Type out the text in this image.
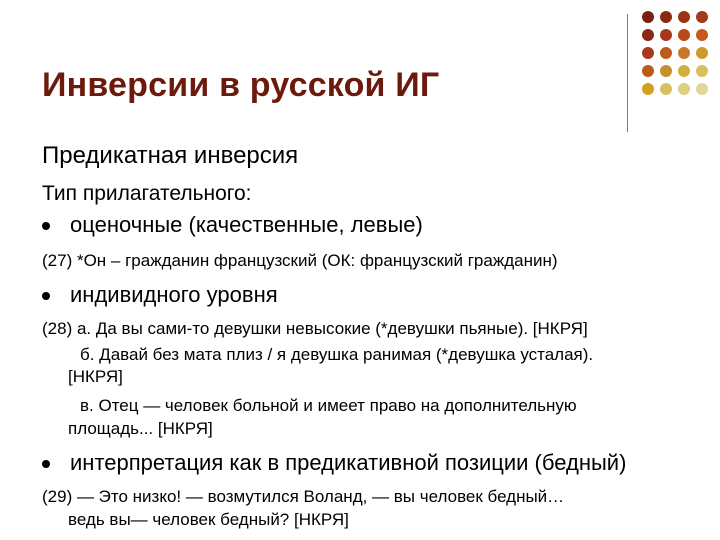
Инверсии в русской ИГ
Предикатная инверсия
Тип прилагательного:
оценочные (качественные, левые)
(27) *Он – гражданин французский (ОК: французский гражданин)
индивидного уровня
(28) а. Да вы сами-то девушки невысокие (*девушки пьяные). [НКРЯ]
б. Давай без мата плиз / я девушка ранимая (*девушка усталая).
[НКРЯ]
в. Отец — человек больной и имеет право на дополнительную
площадь... [НКРЯ]
интерпретация как в предикативной позиции (бедный)
(29) — Это низко! — возмутился Воланд, — вы человек бедный…
ведь вы— человек бедный? [НКРЯ]
